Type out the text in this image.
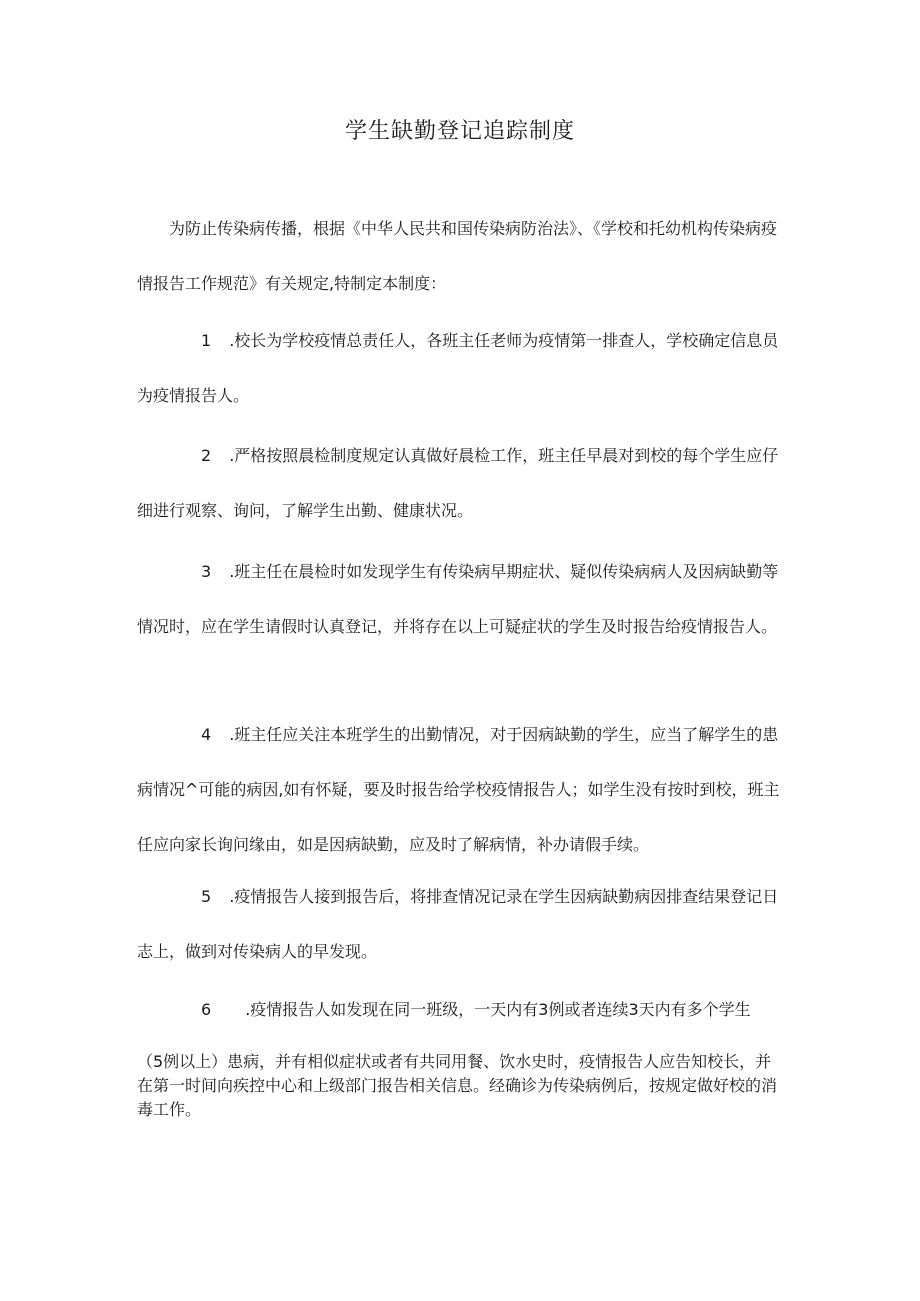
学生缺勤登记追踪制度

为防止传染病传播，根据《中华人民共和国传染病防治法》、《学校和托幼机构传染病疫情报告工作规范》有关规定,特制定本制度：

1 .校长为学校疫情总责任人，各班主任老师为疫情第一排查人，学校确定信息员为疫情报告人。

2 .严格按照晨检制度规定认真做好晨检工作，班主任早晨对到校的每个学生应仔细进行观察、询问，了解学生出勤、健康状况。

3 .班主任在晨检时如发现学生有传染病早期症状、疑似传染病病人及因病缺勤等情况时，应在学生请假时认真登记，并将存在以上可疑症状的学生及时报告给疫情报告人。

4 .班主任应关注本班学生的出勤情况，对于因病缺勤的学生，应当了解学生的患病情况^可能的病因,如有怀疑，要及时报告给学校疫情报告人；如学生没有按时到校，班主任应向家长询问缘由，如是因病缺勤，应及时了解病情，补办请假手续。

5 .疫情报告人接到报告后，将排查情况记录在学生因病缺勤病因排查结果登记日志上，做到对传染病人的早发现。

6 .疫情报告人如发现在同一班级，一天内有3例或者连续3天内有多个学生

（5例以上）患病，并有相似症状或者有共同用餐、饮水史时，疫情报告人应告知校长，并在第一时间向疾控中心和上级部门报告相关信息。经确诊为传染病例后，按规定做好校的消毒工作。
